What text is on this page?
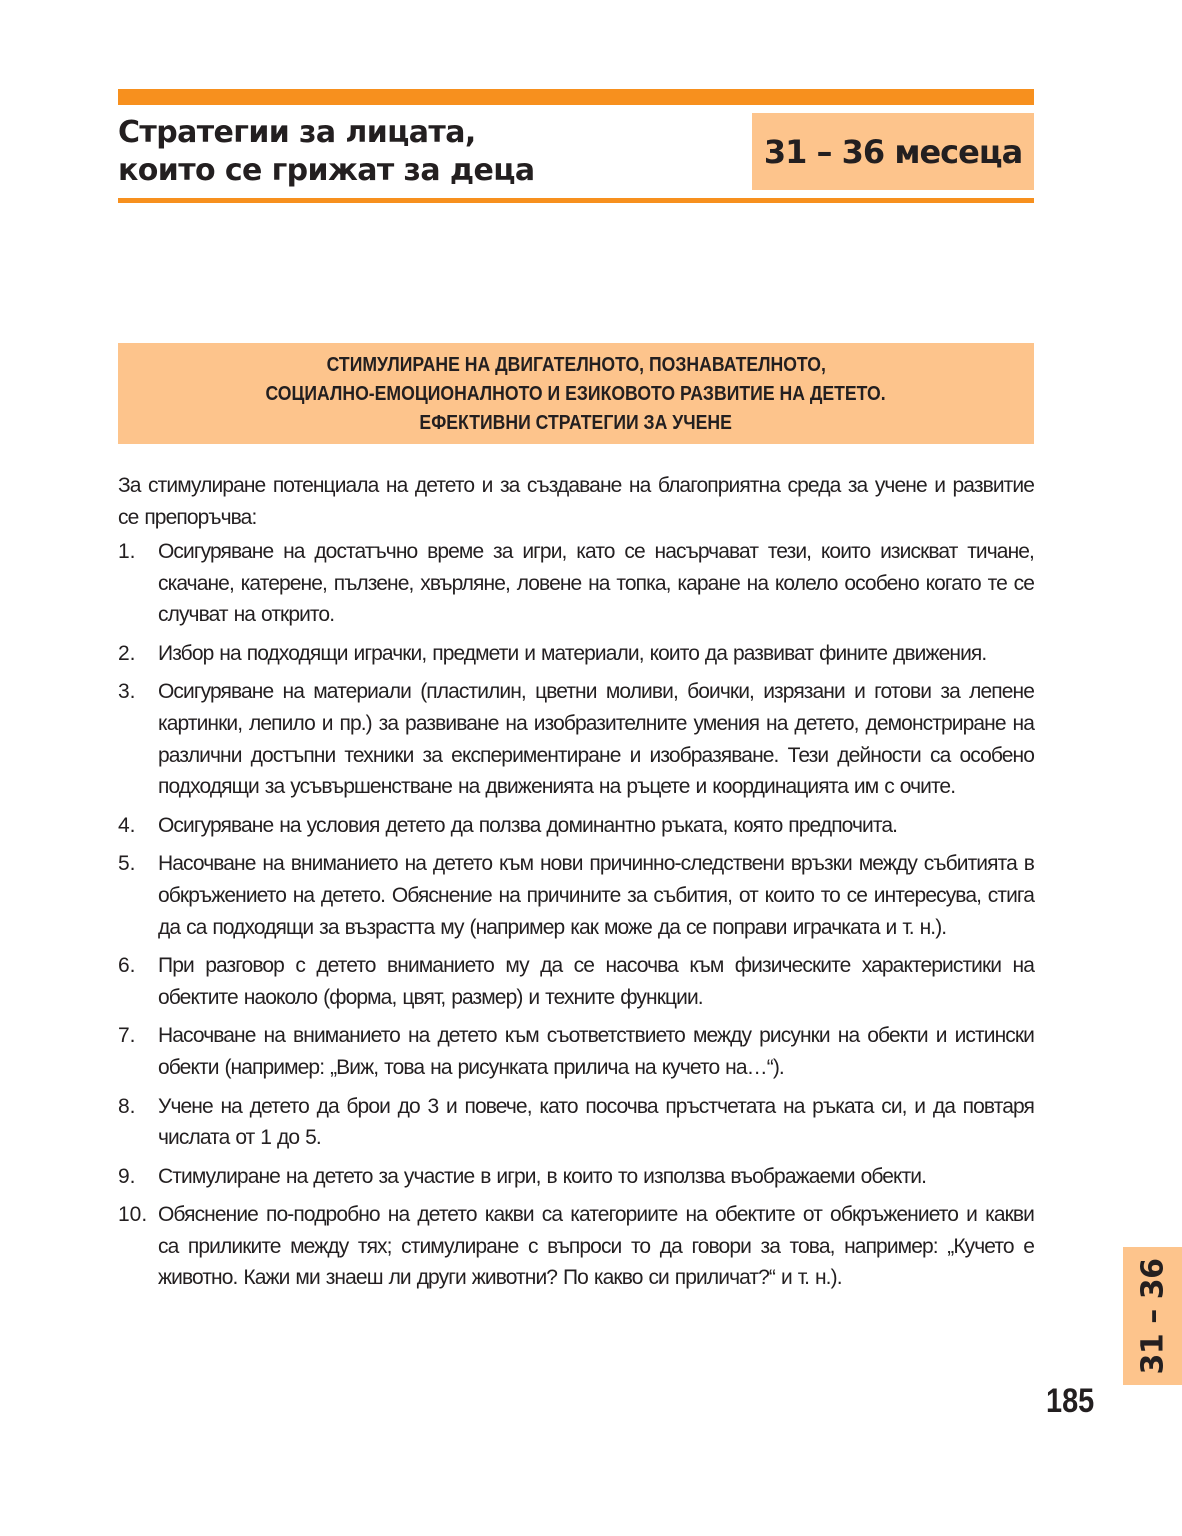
Стратегии за лицата,
които се грижат за деца	31 – 36 месеца
СТИМУЛИРАНЕ НА ДВИГАТЕЛНОТО, ПОЗНАВАТЕЛНОТО,
СОЦИАЛНО-ЕМОЦИОНАЛНОТО И ЕЗИКОВОТО РАЗВИТИЕ НА ДЕТЕТО.
ЕФЕКТИВНИ СТРАТЕГИИ ЗА УЧЕНЕ
За стимулиране потенциала на детето и за създаване на благоприятна среда за учене и развитие се препоръчва:
1.	Осигуряване на достатъчно време за игри, като се насърчават тези, които изискват тичане, скачане, катерене, пълзене, хвърляне, ловене на топка, каране на колело особено когато те се случват на открито.
2.	Избор на подходящи играчки, предмети и материали, които да развиват фините движения.
3.	Осигуряване на материали (пластилин, цветни моливи, боички, изрязани и готови за лепене картинки, лепило и пр.) за развиване на изобразителните умения на детето, демонстриране на различни достъпни техники за експериментиране и изобразяване. Тези дейности са особено подходящи за усъвършенстване на движенията на ръцете и координацията им с очите.
4.	Осигуряване на условия детето да ползва доминантно ръката, която предпочита.
5.	Насочване на вниманието на детето към нови причинно-следствени връзки между събитията в обкръжението на детето. Обяснение на причините за събития, от които то се интересува, стига да са подходящи за възрастта му (например как може да се поправи играчката и т. н.).
6.	При разговор с детето вниманието му да се насочва към физическите характеристики на обектите наоколо (форма, цвят, размер) и техните функции.
7.	Насочване на вниманието на детето към съответствието между рисунки на обекти и истински обекти (например: „Виж, това на рисунката прилича на кучето на…“).
8.	Учене на детето да брои до 3 и повече, като посочва пръстчетата на ръката си, и да повтаря числата от 1 до 5.
9.	Стимулиране на детето за участие в игри, в които то използва въображаеми обекти.
10. Обяснение по-подробно на детето какви са категориите на обектите от обкръжението и какви са приликите между тях; стимулиране с въпроси то да говори за това, например: „Кучето е животно. Кажи ми знаеш ли други животни? По какво си приличат?“ и т. н.).
185
31 – 36
